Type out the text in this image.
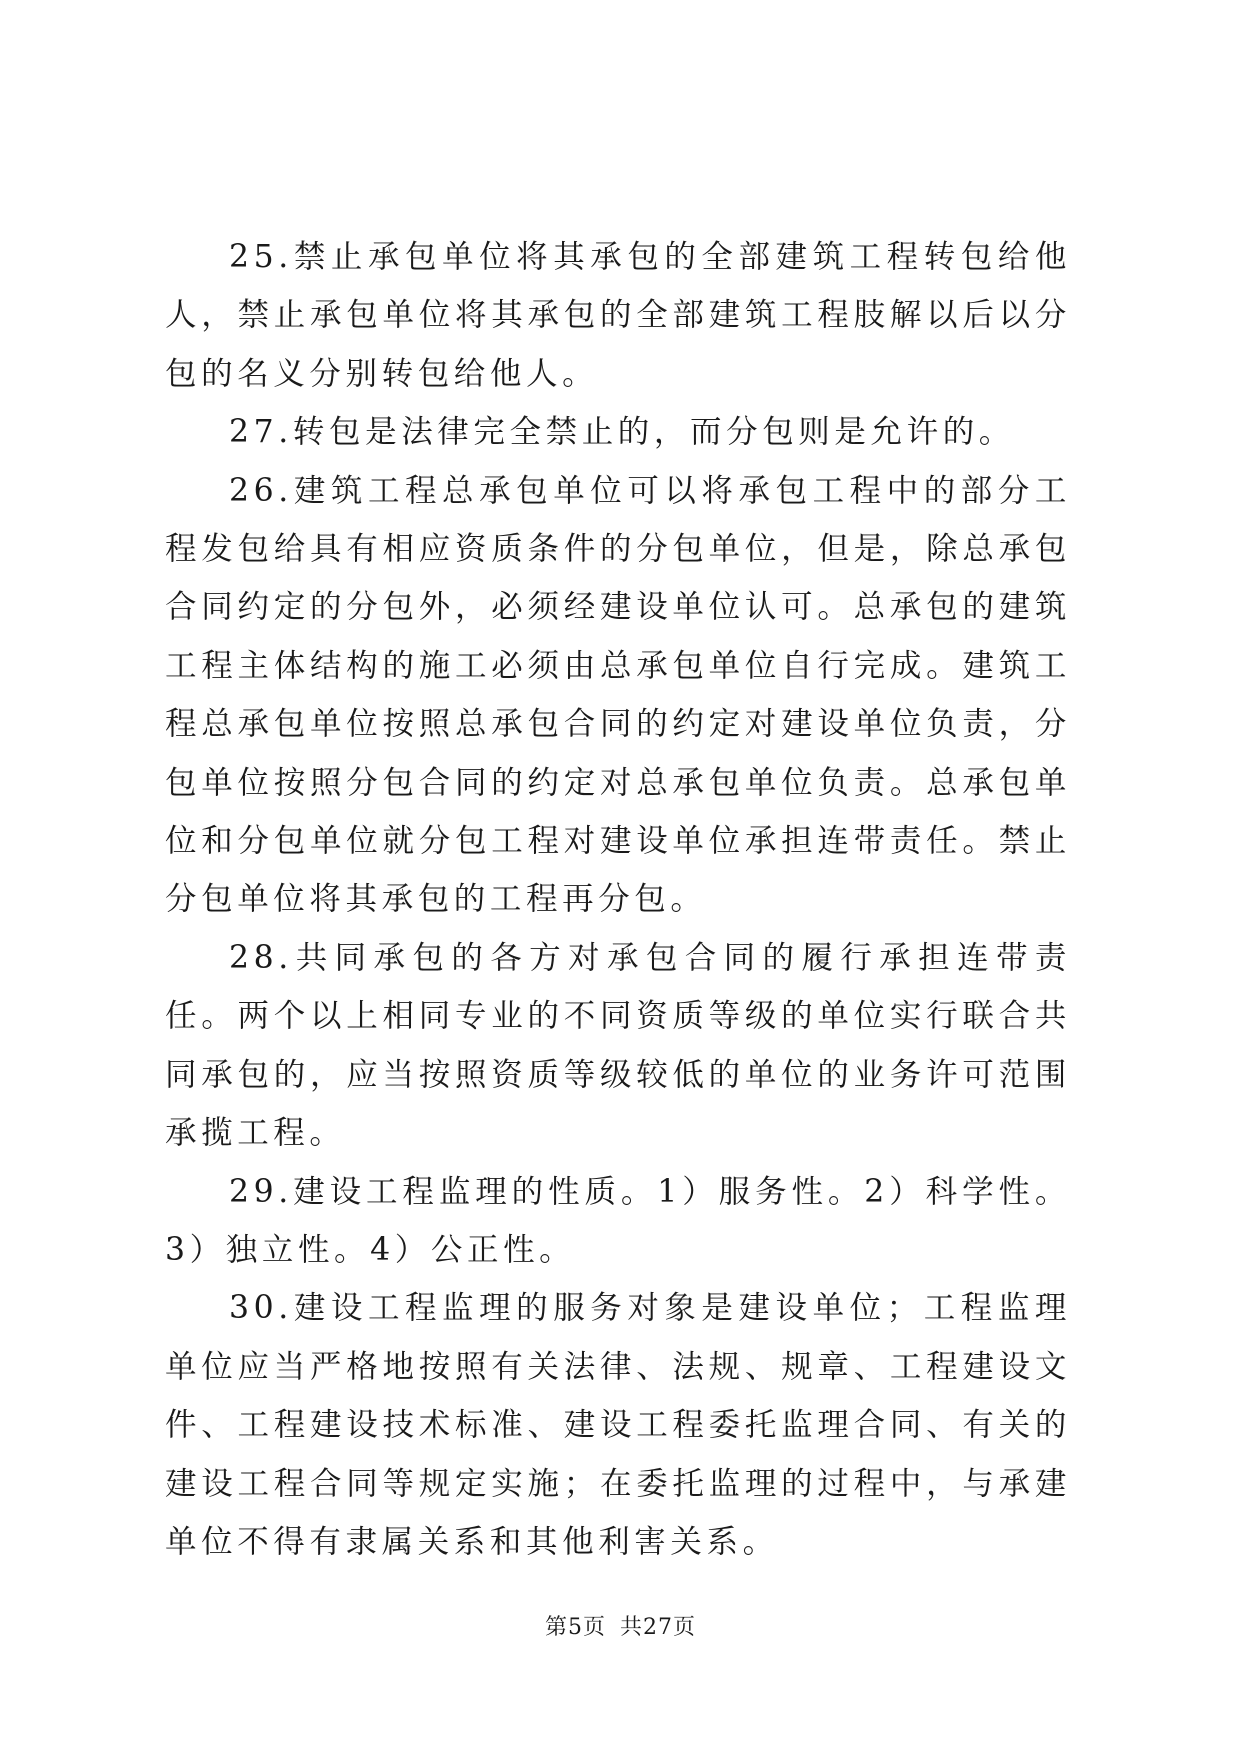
25.禁止承包单位将其承包的全部建筑工程转包给他人，禁止承包单位将其承包的全部建筑工程肢解以后以分包的名义分别转包给他人。

27.转包是法律完全禁止的，而分包则是允许的。

26.建筑工程总承包单位可以将承包工程中的部分工程发包给具有相应资质条件的分包单位，但是，除总承包合同约定的分包外，必须经建设单位认可。总承包的建筑工程主体结构的施工必须由总承包单位自行完成。建筑工程总承包单位按照总承包合同的约定对建设单位负责，分包单位按照分包合同的约定对总承包单位负责。总承包单位和分包单位就分包工程对建设单位承担连带责任。禁止分包单位将其承包的工程再分包。

28.共同承包的各方对承包合同的履行承担连带责任。两个以上相同专业的不同资质等级的单位实行联合共同承包的，应当按照资质等级较低的单位的业务许可范围承揽工程。

29.建设工程监理的性质。1）服务性。2）科学性。3）独立性。4）公正性。

30.建设工程监理的服务对象是建设单位；工程监理单位应当严格地按照有关法律、法规、规章、工程建设文件、工程建设技术标准、建设工程委托监理合同、有关的建设工程合同等规定实施；在委托监理的过程中，与承建单位不得有隶属关系和其他利害关系。

第5页 共27页
